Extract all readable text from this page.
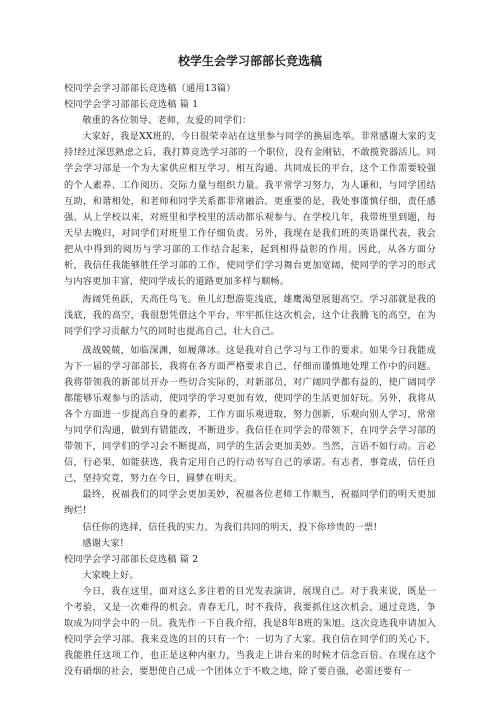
校学生会学习部部长竞选稿

校同学会学习部部长竞选稿（通用13篇）

校同学会学习部部长竞选稿 篇 1

敬重的各位领导、老师，友爱的同学们：

大家好，我是XX班的，今日很荣幸站在这里参与同学的换届选举。非常感谢大家的支持!经过深思熟虑之后，我打算竞选学习部的一个职位，没有金刚钻，不敢揽瓷器活儿。同学会学习部是一个为大家供应相互学习、相互沟通、共同成长的平台，这个工作需要较强的个人素养、工作阅历、交际力量与组织力量。我平常学习努力，为人谦和，与同学团结互助，和谐相处，和老师和同学关系都非常融洽。更重要的是，我处事谨慎仔细，责任感强。从上学校以来，对班里和学校里的活动都乐观参与。在学校几年，我带班里到题，每天早去晚归，对同学们对班里工作仔细负责。另外，我现在是我们班的英语课代表，我会把从中得到的阅历与学习部的工作结合起来，起到相得益彰的作用。因此，从各方面分析，我信任我能够胜任学习部的工作，使同学们学习舞台更加宽阔，使同学的学习的形式与内容更加丰富，使同学成长的道路更加多样与顺畅。

海阔凭鱼跃，天高任鸟飞。鱼儿幻想游览浅底，雄鹰渴望展翅高空。学习部就是我的浅底，我的高空，我很想凭借这个平台，牢牢抓住这次机会，这个让我腾飞的高空，在为同学们学习贡献力气的同时也提高自己，壮大自己。

战战兢兢，如临深渊，如履薄冰。这是我对自己学习与工作的要求。如果今日我能成为下一届的学习部部长，我将在各方面严格要求自己，仔细而谨慎地处理工作中的问题。我将带领我的新部员开办一些切合实际的，对新部员，对广阔同学都有益的，使广阔同学都能够乐观参与的活动，使同学的学习更加有效，使同学的生活更加好玩。另外，我将从各个方面进一步提高自身的素养，工作方面乐观进取，努力创新，乐观向别人学习，常常与同学们沟通，做到有错能改，不断进步。我信任在同学会的带领下，在同学会学习部的带领下，同学们的学习会不断提高，同学的生活会更加美妙。当然，言语不如行动。言必信，行必果，如能获选，我肯定用自己的行动书写自己的承诺。有志者，事竟成，信任自己，坚持究竟，努力在今日，圆梦在明天。

最终，祝福我们的同学会更加美妙，祝福各位老师工作顺当，祝福同学们的明天更加绚烂!

信任你的选择，信任我的实力。为我们共同的明天，投下你珍贵的一票!

感谢大家!

校同学会学习部部长竞选稿 篇 2

大家晚上好。

今日，我在这里，面对这么多注着的目光发表演讲，展现自己。对于我来说，既是一个考验，又是一次难得的机会。青春无几，时不我待，我要抓住这次机会，通过竞选，争取成为同学会中的一员。我先作一下自我介绍，我是8年8班的朱旭。这次竞选我申请加入校同学会学习部。我来竞选的目的只有一个：一切为了大家。我自信在同学们的关心下，我能胜任这项工作，也正是这种内驱力，当我走上讲台来的时候才信念百倍。在现在这个没有硝烟的社会，要想使自己成一个团体立于不败之地，除了要自强，必需还要有一
